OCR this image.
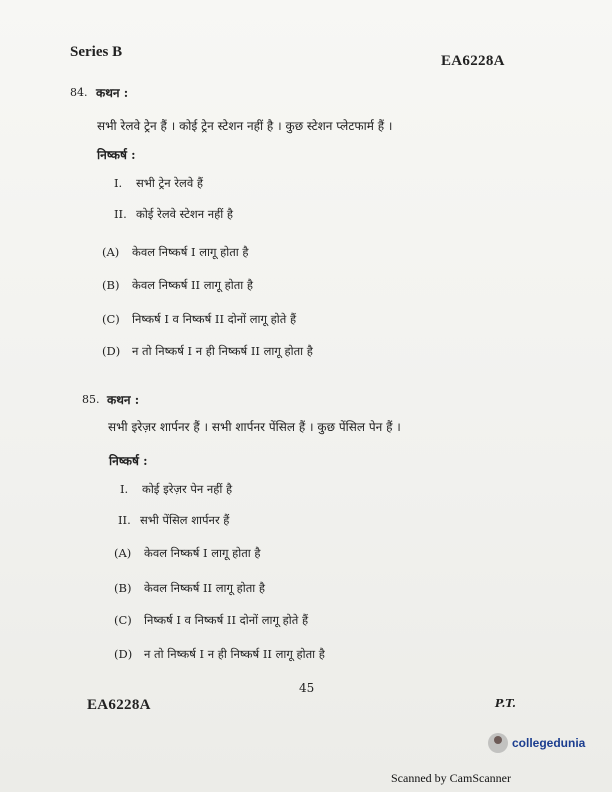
Series B
EA6228A
84. कथन :
सभी रेलवे ट्रेन हैं । कोई ट्रेन स्टेशन नहीं है । कुछ स्टेशन प्लेटफार्म हैं ।
निष्कर्ष :
I. सभी ट्रेन रेलवे हैं
II. कोई रेलवे स्टेशन नहीं है
(A) केवल निष्कर्ष I लागू होता है
(B) केवल निष्कर्ष II लागू होता है
(C) निष्कर्ष I व निष्कर्ष II दोनों लागू होते हैं
(D) न तो निष्कर्ष I न ही निष्कर्ष II लागू होता है
85. कथन :
सभी इरेज़र शार्पनर हैं । सभी शार्पनर पेंसिल हैं । कुछ पेंसिल पेन हैं ।
निष्कर्ष :
I. कोई इरेज़र पेन नहीं है
II. सभी पेंसिल शार्पनर हैं
(A) केवल निष्कर्ष I लागू होता है
(B) केवल निष्कर्ष II लागू होता है
(C) निष्कर्ष I व निष्कर्ष II दोनों लागू होते हैं
(D) न तो निष्कर्ष I न ही निष्कर्ष II लागू होता है
45
EA6228A	P.T.
collegedunia
Scanned by CamScanner
